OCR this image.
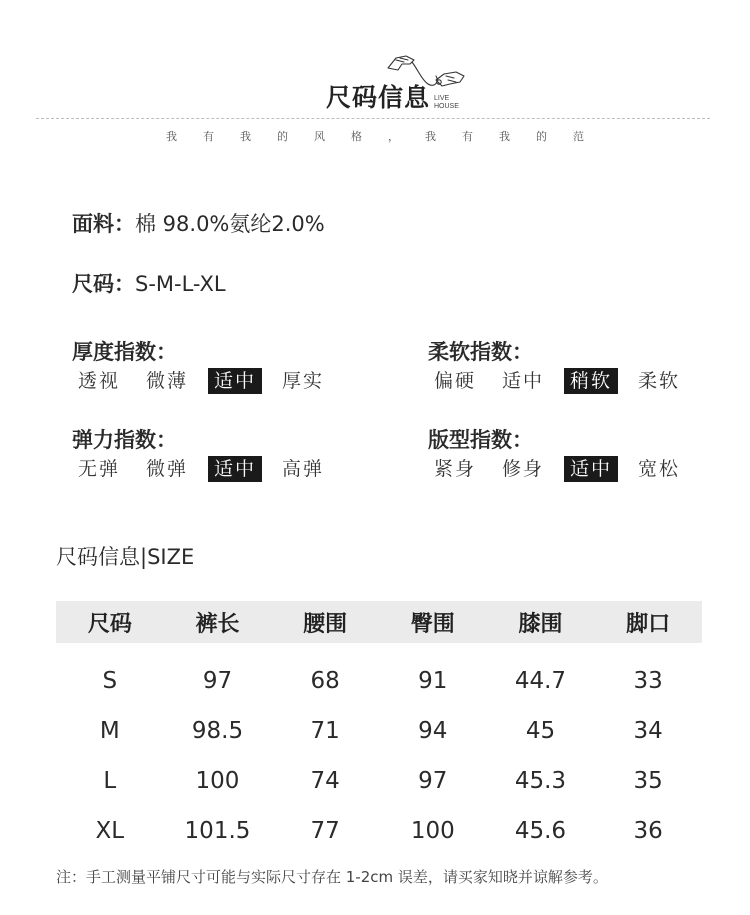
尺码信息 LIVE
HOUSE
我 有 我 的 风 格 ， 我 有 我 的 范
面料：棉 98.0%氨纶2.0%
尺码：S-M-L-XL
厚度指数：
透视	微薄	适中	厚实
柔软指数：
偏硬	适中	稍软	柔软
弹力指数：
无弹	微弹	适中	高弹
版型指数：
紧身	修身	适中	宽松
尺码信息|SIZE
尺码	裤长	腰围	臀围	膝围	脚口
S	97	68	91	44.7	33
M	98.5	71	94	45	34
L	100	74	97	45.3	35
XL	101.5	77	100	45.6	36
注：手工测量平铺尺寸可能与实际尺寸存在 1-2cm 误差，请买家知晓并谅解参考。
